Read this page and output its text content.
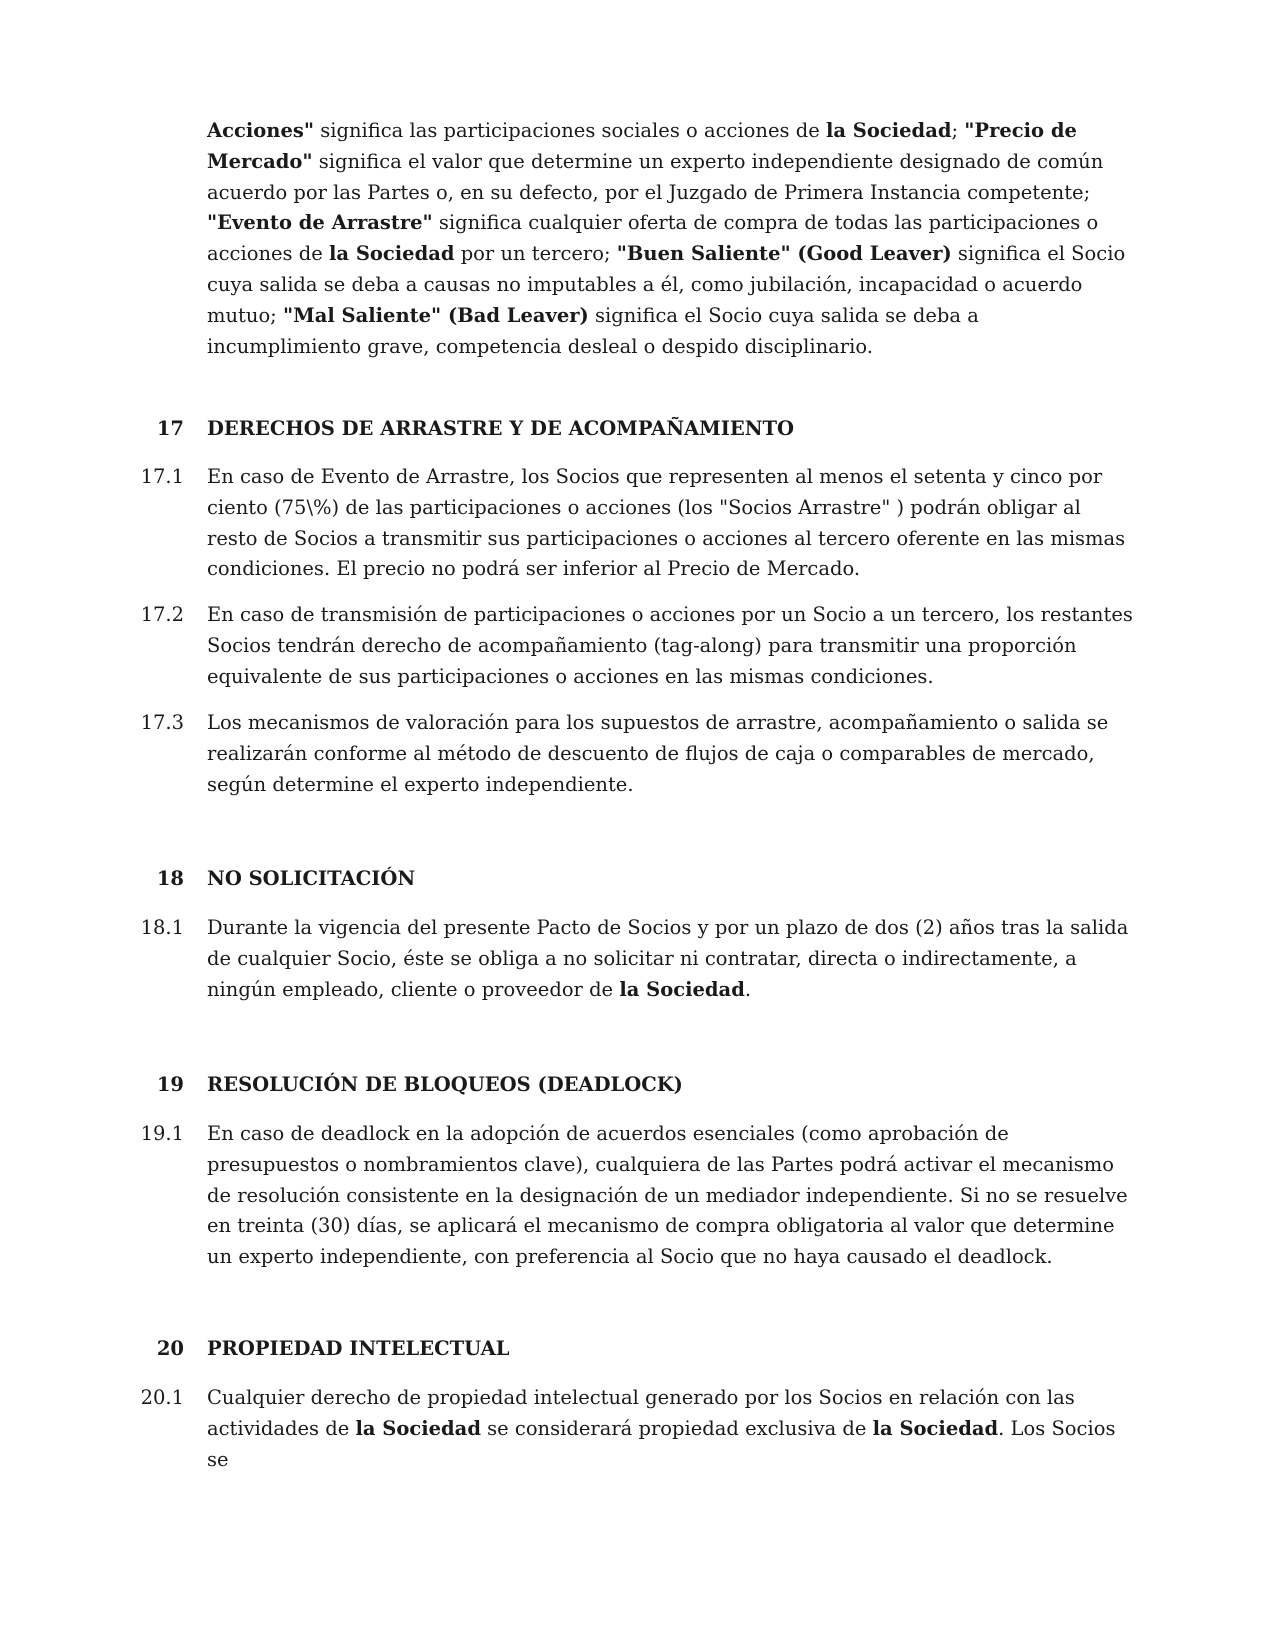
Acciones" significa las participaciones sociales o acciones de la Sociedad; "Precio de Mercado" significa el valor que determine un experto independiente designado de común acuerdo por las Partes o, en su defecto, por el Juzgado de Primera Instancia competente; "Evento de Arrastre" significa cualquier oferta de compra de todas las participaciones o acciones de la Sociedad por un tercero; "Buen Saliente" (Good Leaver) significa el Socio cuya salida se deba a causas no imputables a él, como jubilación, incapacidad o acuerdo mutuo; "Mal Saliente" (Bad Leaver) significa el Socio cuya salida se deba a incumplimiento grave, competencia desleal o despido disciplinario.

17 DERECHOS DE ARRASTRE Y DE ACOMPAÑAMIENTO
17.1 En caso de Evento de Arrastre, los Socios que representen al menos el setenta y cinco por ciento (75\%) de las participaciones o acciones (los "Socios Arrastre" ) podrán obligar al resto de Socios a transmitir sus participaciones o acciones al tercero oferente en las mismas condiciones. El precio no podrá ser inferior al Precio de Mercado.
17.2 En caso de transmisión de participaciones o acciones por un Socio a un tercero, los restantes Socios tendrán derecho de acompañamiento (tag-along) para transmitir una proporción equivalente de sus participaciones o acciones en las mismas condiciones.
17.3 Los mecanismos de valoración para los supuestos de arrastre, acompañamiento o salida se realizarán conforme al método de descuento de flujos de caja o comparables de mercado, según determine el experto independiente.
18 NO SOLICITACIÓN
18.1 Durante la vigencia del presente Pacto de Socios y por un plazo de dos (2) años tras la salida de cualquier Socio, éste se obliga a no solicitar ni contratar, directa o indirectamente, a ningún empleado, cliente o proveedor de la Sociedad.
19 RESOLUCIÓN DE BLOQUEOS (DEADLOCK)
19.1 En caso de deadlock en la adopción de acuerdos esenciales (como aprobación de presupuestos o nombramientos clave), cualquiera de las Partes podrá activar el mecanismo de resolución consistente en la designación de un mediador independiente. Si no se resuelve en treinta (30) días, se aplicará el mecanismo de compra obligatoria al valor que determine un experto independiente, con preferencia al Socio que no haya causado el deadlock.
20 PROPIEDAD INTELECTUAL
20.1 Cualquier derecho de propiedad intelectual generado por los Socios en relación con las actividades de la Sociedad se considerará propiedad exclusiva de la Sociedad. Los Socios se
